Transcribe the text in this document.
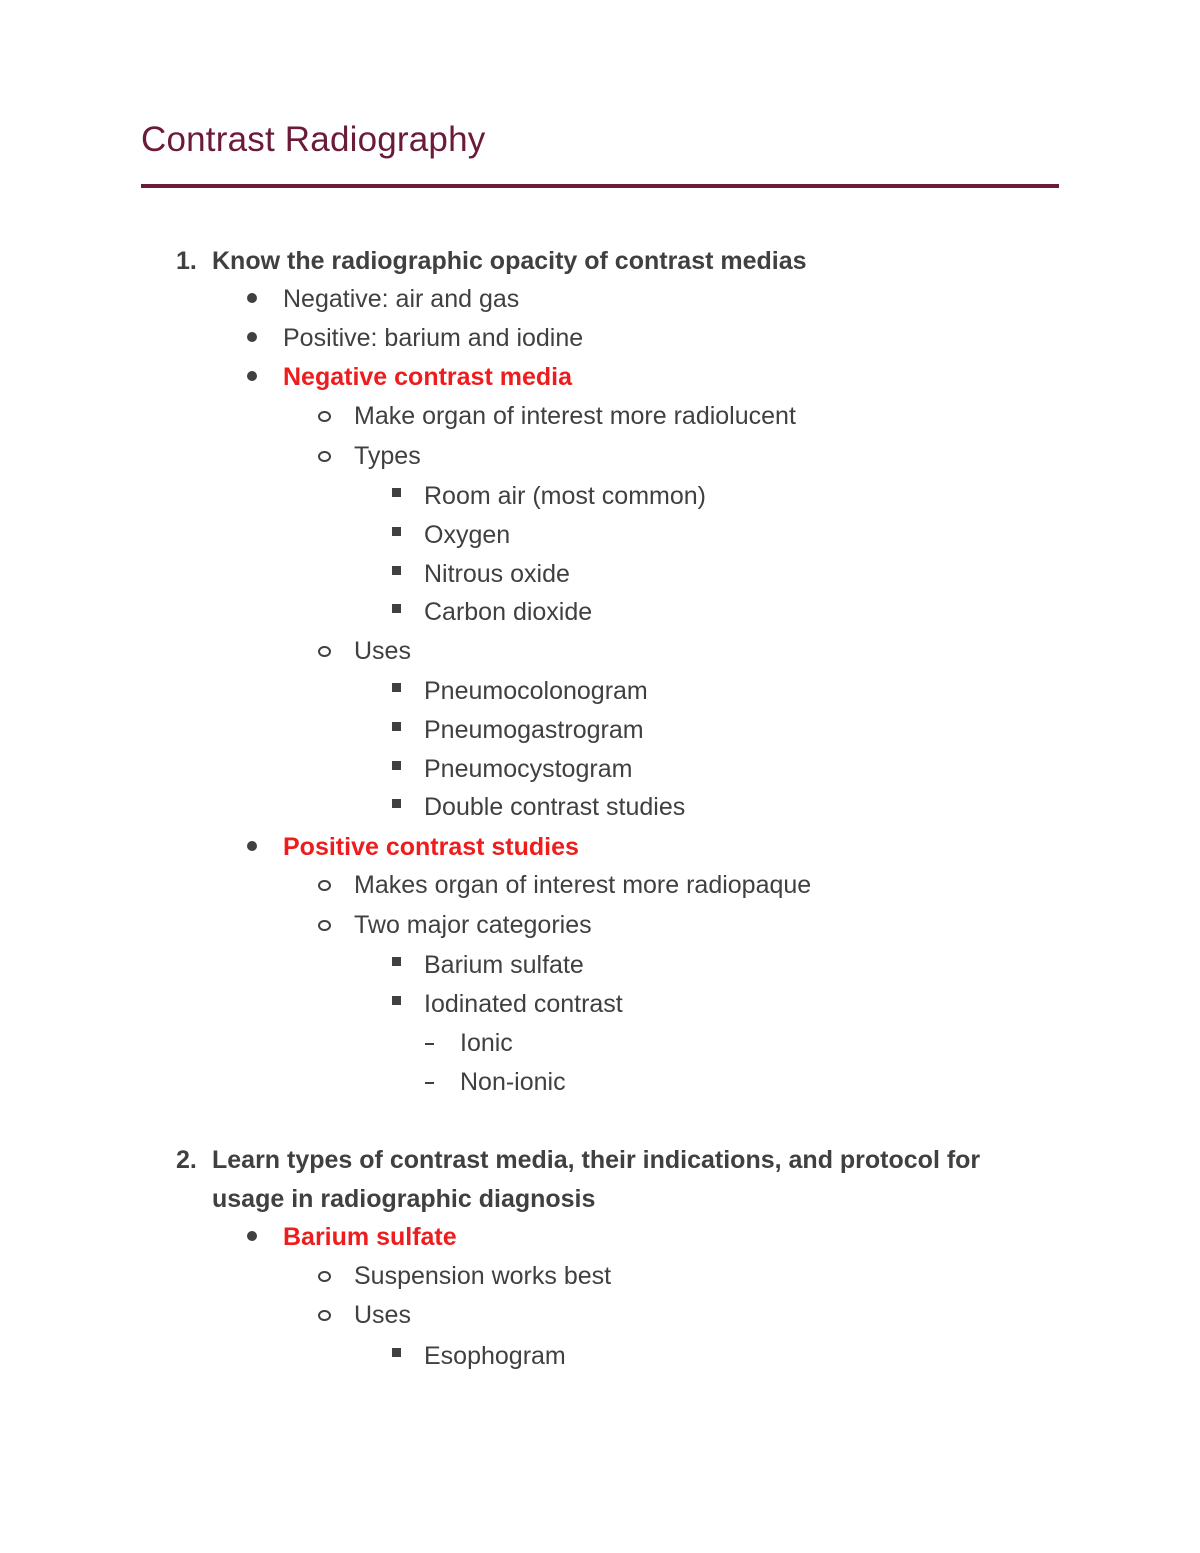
Contrast Radiography
1. Know the radiographic opacity of contrast medias
Negative: air and gas
Positive: barium and iodine
Negative contrast media
Make organ of interest more radiolucent
Types
Room air (most common)
Oxygen
Nitrous oxide
Carbon dioxide
Uses
Pneumocolonogram
Pneumogastrogram
Pneumocystogram
Double contrast studies
Positive contrast studies
Makes organ of interest more radiopaque
Two major categories
Barium sulfate
Iodinated contrast
Ionic
Non-ionic
2. Learn types of contrast media, their indications, and protocol for
usage in radiographic diagnosis
Barium sulfate
Suspension works best
Uses
Esophogram
